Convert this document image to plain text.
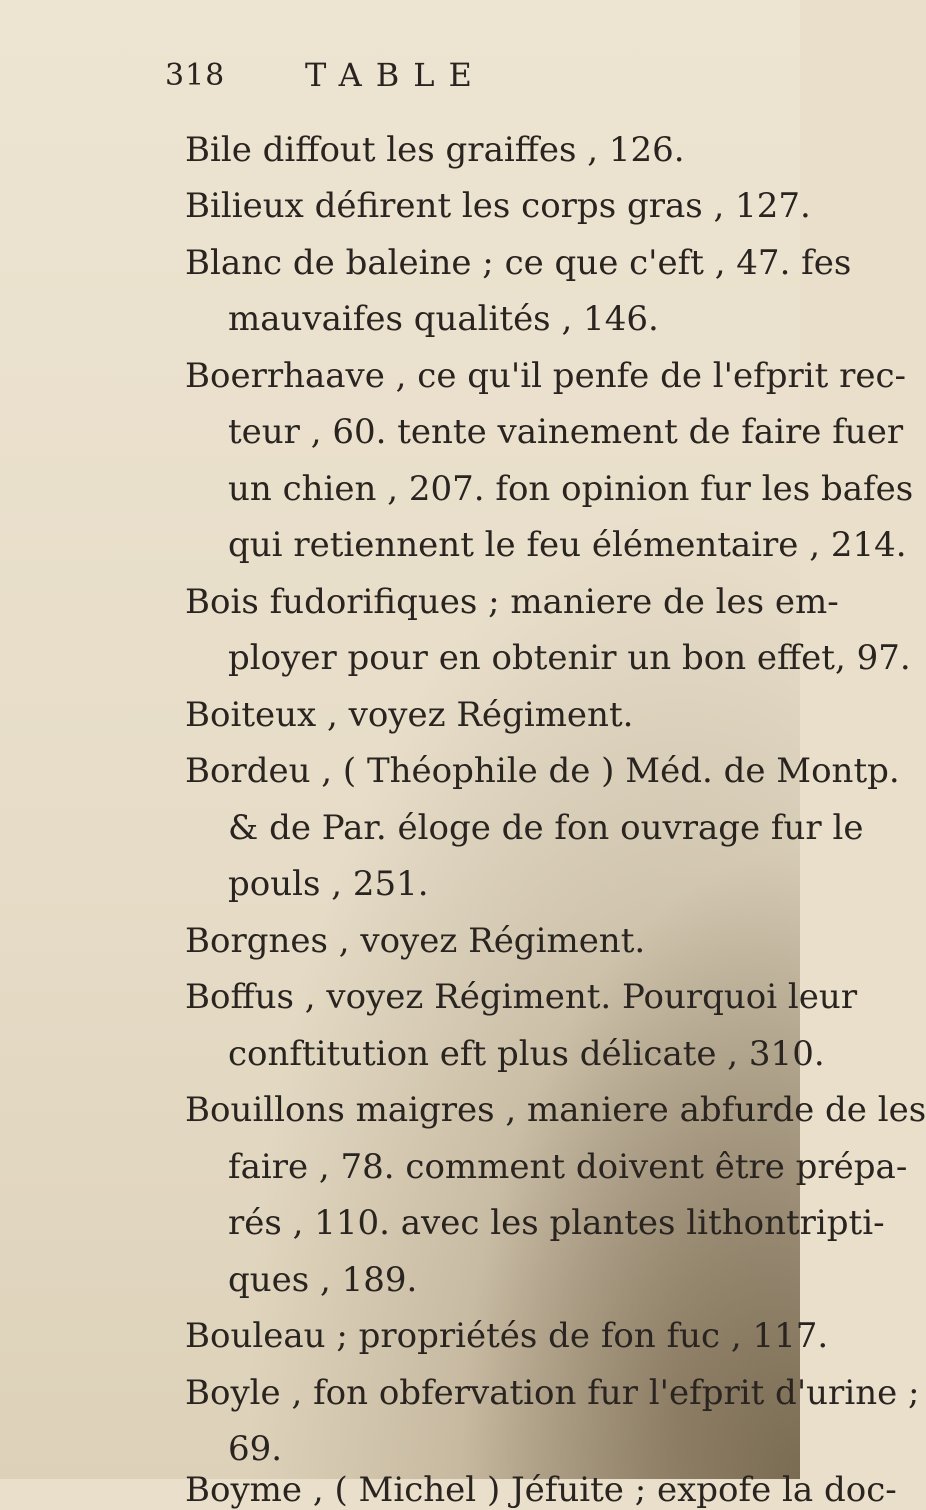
318 TABLE
Bile diffout les graiffes , 126.
Bilieux défirent les corps gras , 127.
Blanc de baleine ; ce que c'eft , 47. fes
mauvaifes qualités , 146.
Boerrhaave , ce qu'il penfe de l'efprit rec-
teur , 60. tente vainement de faire fuer
un chien , 207. fon opinion fur les bafes
qui retiennent le feu élémentaire , 214.
Bois fudorifiques ; maniere de les em-
ployer pour en obtenir un bon effet, 97.
Boiteux , voyez Régiment.
Bordeu , ( Théophile de ) Méd. de Montp.
& de Par. éloge de fon ouvrage fur le
pouls , 251.
Borgnes , voyez Régiment.
Boffus , voyez Régiment. Pourquoi leur
conftitution eft plus délicate , 310.
Bouillons maigres , maniere abfurde de les
faire , 78. comment doivent être prépa-
rés , 110. avec les plantes lithontripti-
ques , 189.
Bouleau ; propriétés de fon fuc , 117.
Boyle , fon obfervation fur l'efprit d'urine ;
69.
Boyme , ( Michel ) Jéfuite ; expofe la doc-
